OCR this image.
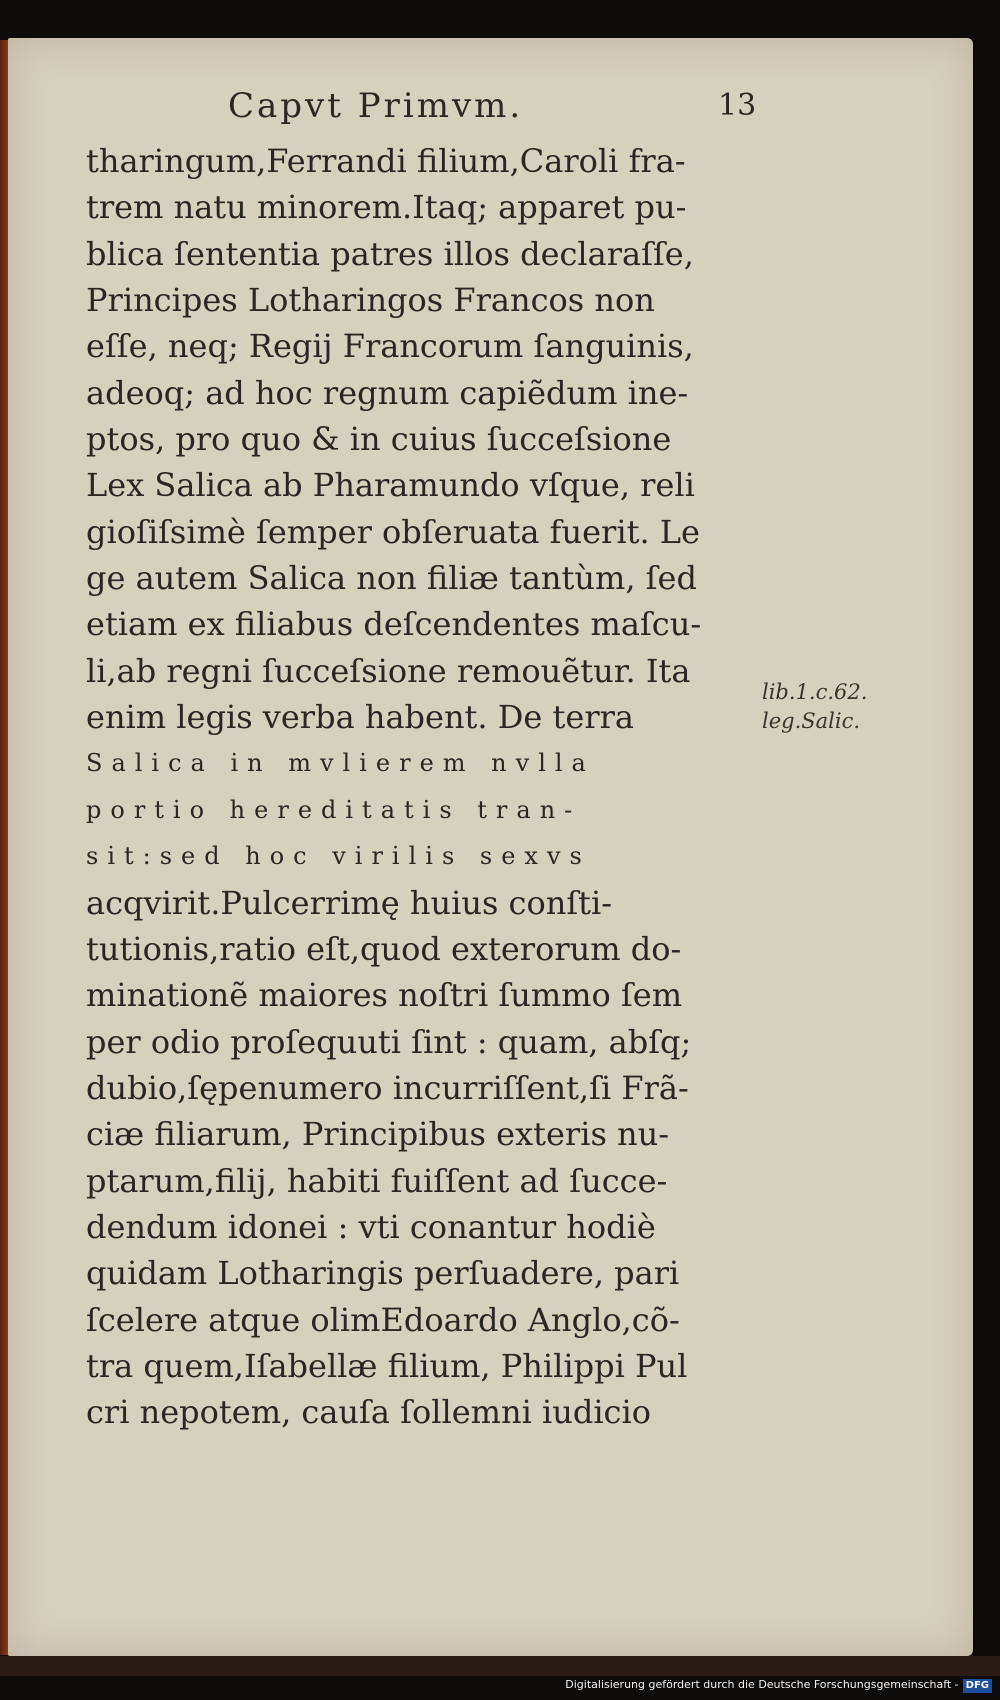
Capvt Primvm.	13
tharingum,Ferrandi filium,Caroli fra-
trem natu minorem.Itaq; apparet pu-
blica ſententia patres illos declaraſſe,
Principes Lotharingos Francos non
eſſe, neq; Regij Francorum ſanguinis,
adeoq; ad hoc regnum capiẽdum ine-
ptos, pro quo & in cuius ſucceſsione
Lex Salica ab Pharamundo vſque, reli
gioſiſsimè ſemper obſeruata fuerit. Le
ge autem Salica non filiæ tantùm, ſed
etiam ex filiabus deſcendentes maſcu-
li,ab regni ſucceſsione remouẽtur. Ita
enim legis verba habent. De terra
Salica in mvlierem nvlla
portio hereditatis tran-
sit:sed hoc virilis sexvs
acqvirit.Pulcerrimę huius conſti-
tutionis,ratio eſt,quod exterorum do-
minationẽ maiores noſtri ſummo ſem
per odio proſequuti ſint : quam, abſq;
dubio,ſępenumero incurriſſent,ſi Frã-
ciæ filiarum, Principibus exteris nu-
ptarum,filij, habiti fuiſſent ad ſucce-
dendum idonei : vti conantur hodiè
quidam Lotharingis perſuadere, pari
ſcelere atque olimEdoardo Anglo,cõ-
tra quem,Iſabellæ filium, Philippi Pul
cri nepotem, cauſa ſollemni iudicio
lib.1.c.62.
leg.Salic.
Digitalisierung gefördert durch die Deutsche Forschungsgemeinschaft - DFG
